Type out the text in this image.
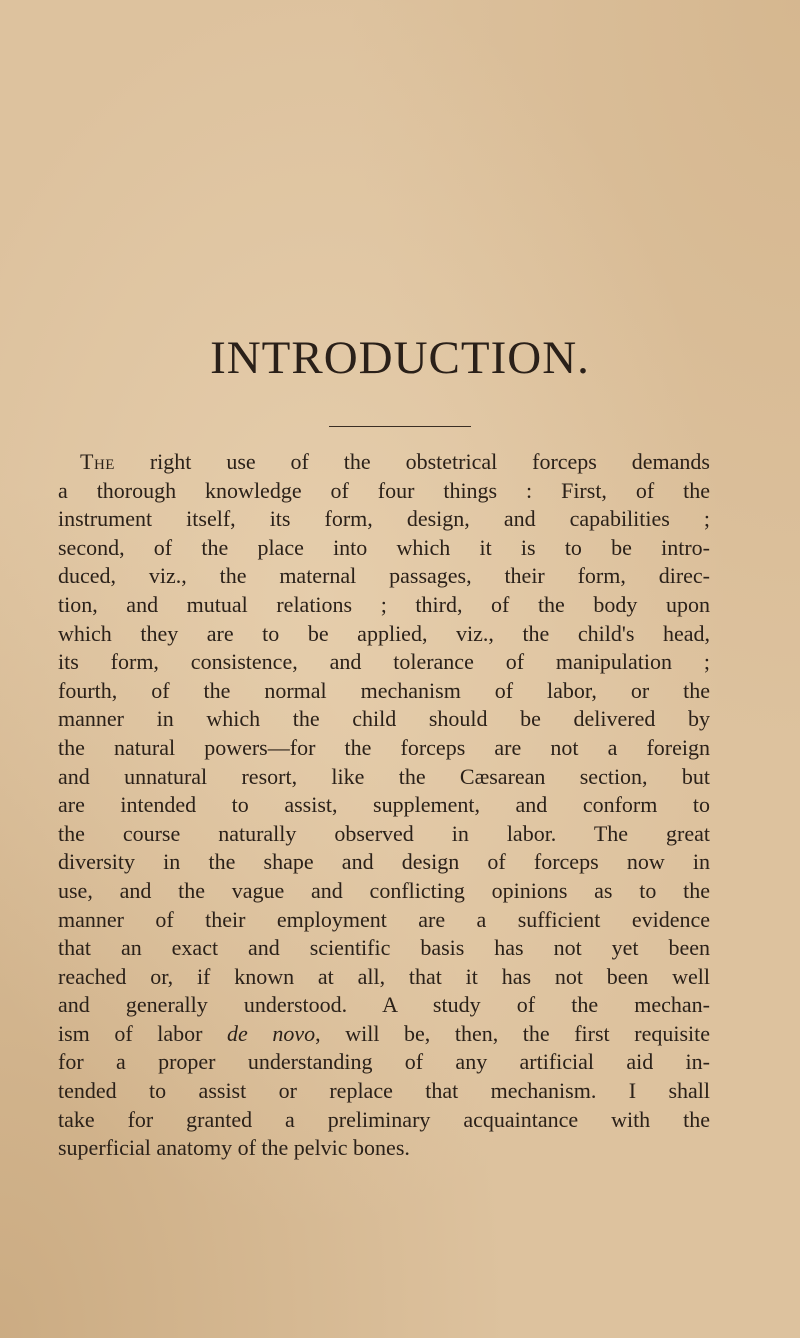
INTRODUCTION.
The right use of the obstetrical forceps demands
a thorough knowledge of four things : First, of the
instrument itself, its form, design, and capabilities ;
second, of the place into which it is to be intro-
duced, viz., the maternal passages, their form, direc-
tion, and mutual relations ; third, of the body upon
which they are to be applied, viz., the child's head,
its form, consistence, and tolerance of manipulation ;
fourth, of the normal mechanism of labor, or the
manner in which the child should be delivered by
the natural powers—for the forceps are not a foreign
and unnatural resort, like the Cæsarean section, but
are intended to assist, supplement, and conform to
the course naturally observed in labor. The great
diversity in the shape and design of forceps now in
use, and the vague and conflicting opinions as to the
manner of their employment are a sufficient evidence
that an exact and scientific basis has not yet been
reached or, if known at all, that it has not been well
and generally understood. A study of the mechan-
ism of labor de novo, will be, then, the first requisite
for a proper understanding of any artificial aid in-
tended to assist or replace that mechanism. I shall
take for granted a preliminary acquaintance with the
superficial anatomy of the pelvic bones.
